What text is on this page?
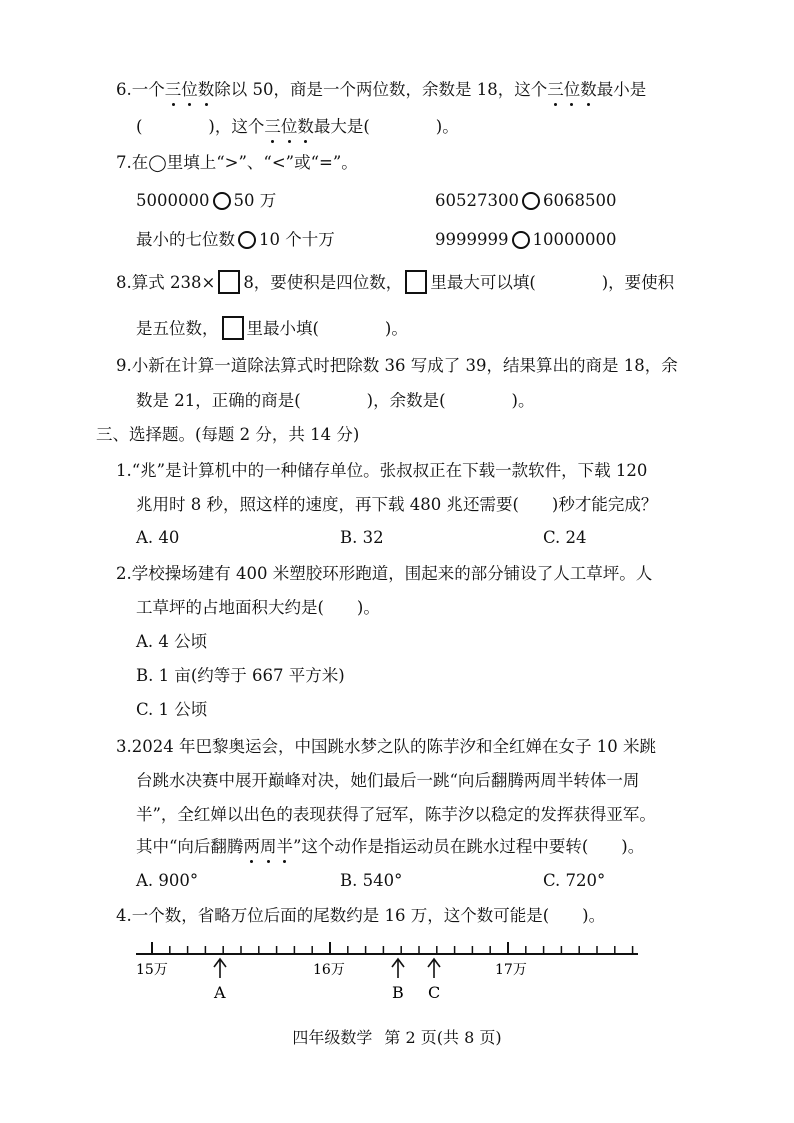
6.一个三位数除以 50，商是一个两位数，余数是 18，这个三位数最小是
(　　　　)，这个三位数最大是(　　　　)。
7.在◯里填上“>”、“<”或“=”。
5000000 50 万	60527300 6068500
最小的七位数 10 个十万	9999999 10000000
8.算式 238× 8，要使积是四位数， 里最大可以填(　　　　)，要使积
是五位数， 里最小填(　　　　)。
9.小新在计算一道除法算式时把除数 36 写成了 39，结果算出的商是 18，余
数是 21，正确的商是(　　　　)，余数是(　　　　)。
三、选择题。(每题 2 分，共 14 分)
1.“兆”是计算机中的一种储存单位。张叔叔正在下载一款软件，下载 120
兆用时 8 秒，照这样的速度，再下载 480 兆还需要(　　)秒才能完成？
A. 40	B. 32	C. 24
2.学校操场建有 400 米塑胶环形跑道，围起来的部分铺设了人工草坪。人
工草坪的占地面积大约是(　　)。
A. 4 公顷
B. 1 亩(约等于 667 平方米)
C. 1 公顷
3.2024 年巴黎奥运会，中国跳水梦之队的陈芋汐和全红婵在女子 10 米跳
台跳水决赛中展开巅峰对决，她们最后一跳“向后翻腾两周半转体一周
半”，全红婵以出色的表现获得了冠军，陈芋汐以稳定的发挥获得亚军。
其中“向后翻腾两周半”这个动作是指运动员在跳水过程中要转(　　)。
A. 900°	B. 540°	C. 720°
4.一个数，省略万位后面的尾数约是 16 万，这个数可能是(　　)。
15万	16万	17万
A	B C
四年级数学 第 2 页(共 8 页)
